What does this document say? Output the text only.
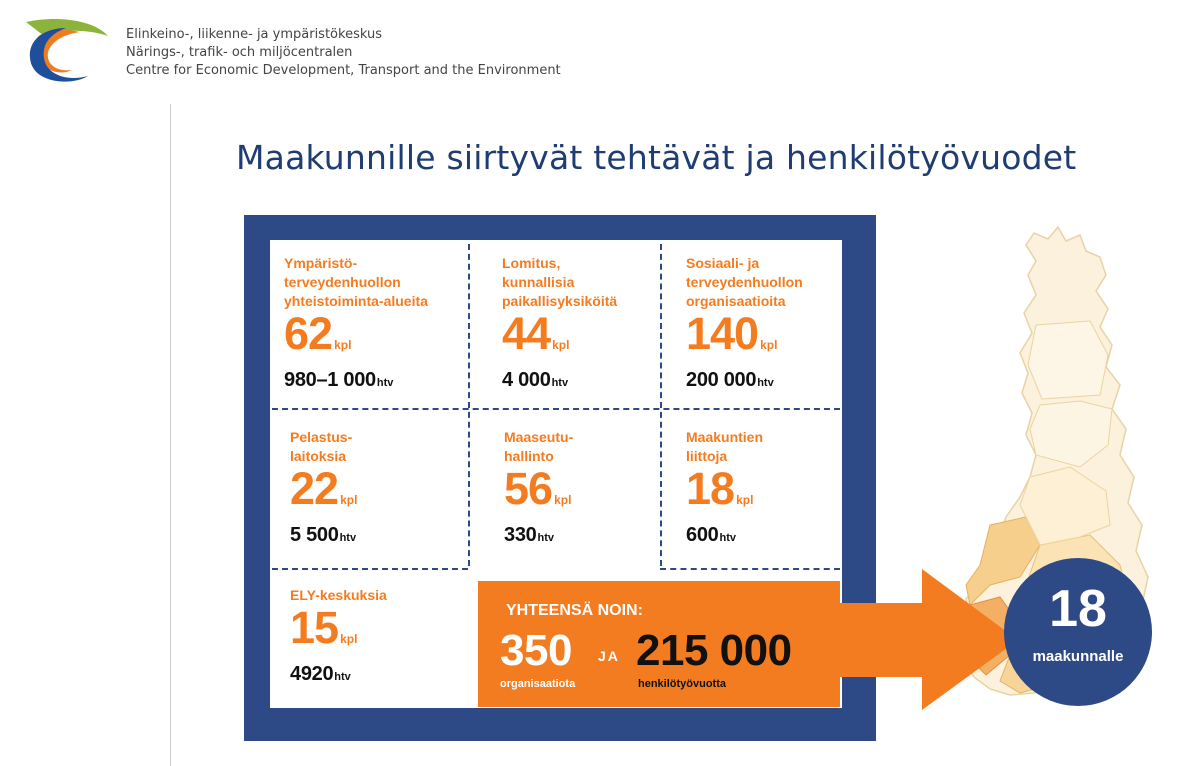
Elinkeino-, liikenne- ja ympäristökeskus
Närings-, trafik- och miljöcentralen
Centre for Economic Development, Transport and the Environment
Maakunnille siirtyvät tehtävät ja henkilötyövuodet
Ympäristö-
terveydenhuollon
yhteistoiminta-alueita
62 kpl
980–1 000htv
Lomitus,
kunnallisia
paikallisyksiköitä
44 kpl
4 000htv
Sosiaali- ja
terveydenhuollon
organisaatioita
140 kpl
200 000htv
Pelastus-
laitoksia
22 kpl
5 500htv
Maaseutu-
hallinto
56 kpl
330htv
Maakuntien
liittoja
18 kpl
600htv
ELY-keskuksia
15 kpl
4920htv
YHTEENSÄ NOIN:
350
organisaatiota
JA 215 000
henkilötyövuotta
18
maakunnalle
